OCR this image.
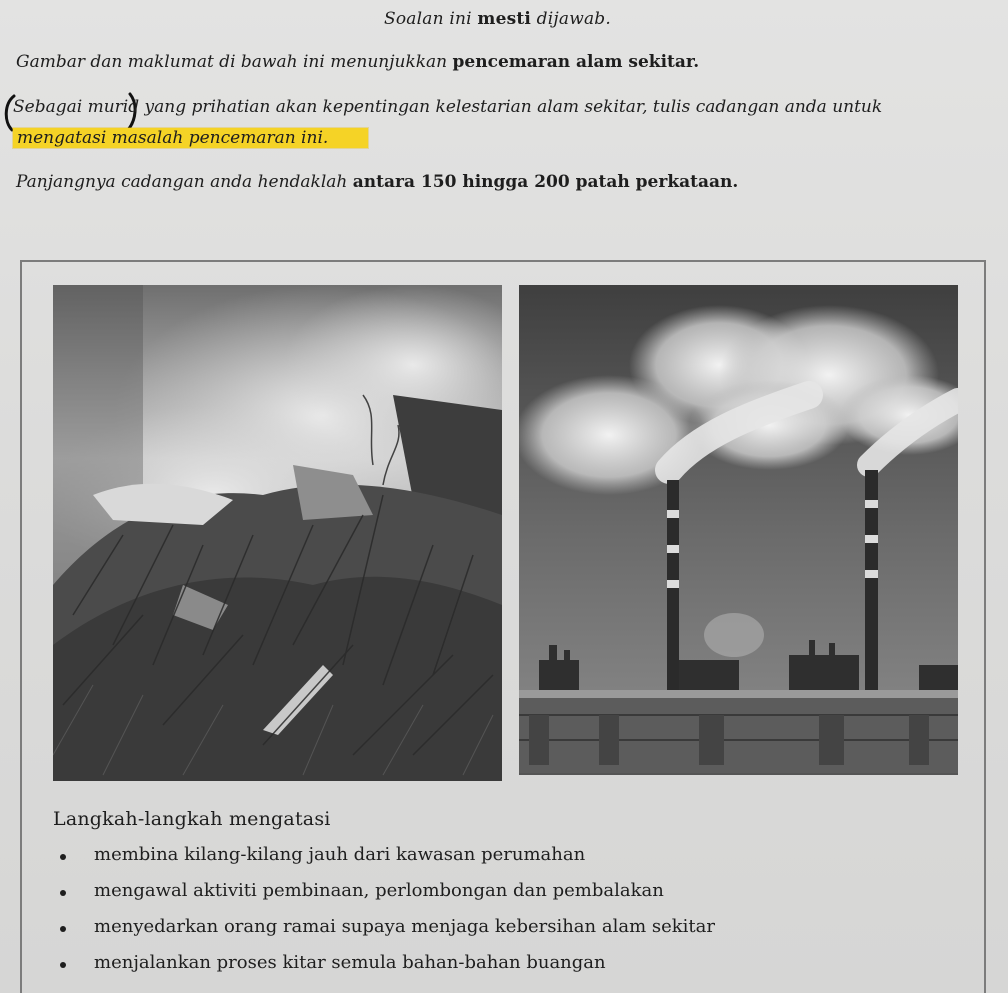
Soalan ini mesti dijawab.
Gambar dan maklumat di bawah ini menunjukkan pencemaran alam sekitar.
Sebagai murid yang prihatian akan kepentingan kelestarian alam sekitar, tulis cadangan anda untuk
mengatasi masalah pencemaran ini.
Panjangnya cadangan anda hendaklah antara 150 hingga 200 patah perkataan.
Langkah-langkah mengatasi
membina kilang-kilang jauh dari kawasan perumahan
mengawal aktiviti pembinaan, perlombongan dan pembalakan
menyedarkan orang ramai supaya menjaga kebersihan alam sekitar
menjalankan proses kitar semula bahan-bahan buangan
